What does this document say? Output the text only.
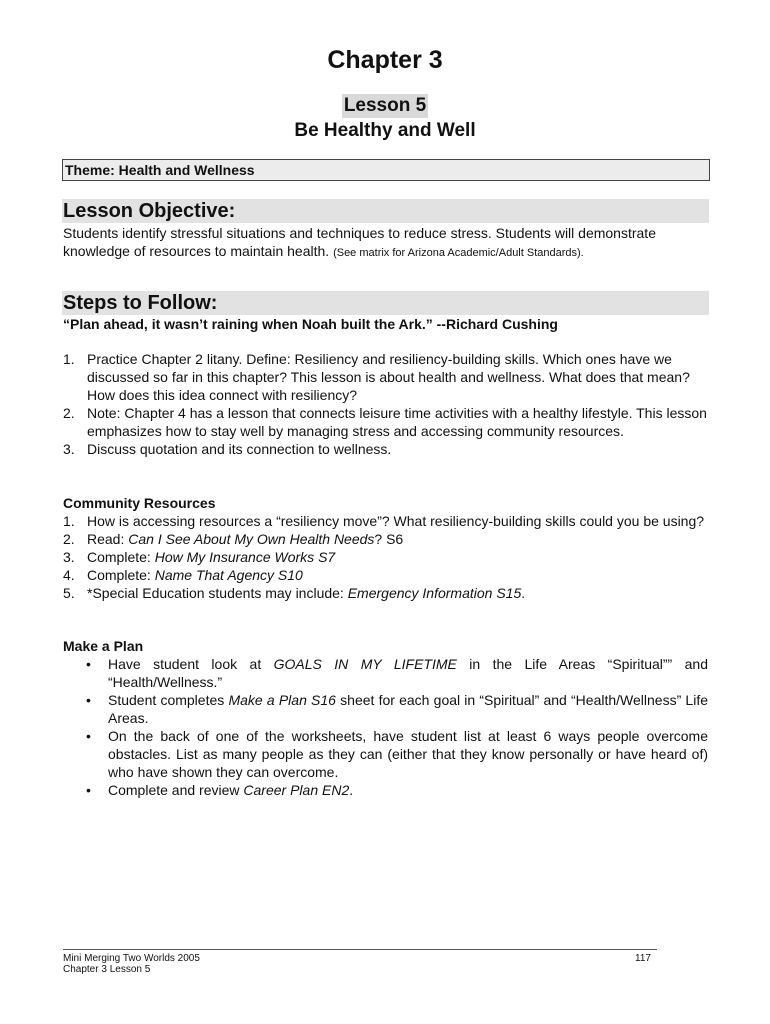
Chapter 3
Lesson 5
Be Healthy and Well
Theme: Health and Wellness
Lesson Objective:
Students identify stressful situations and techniques to reduce stress. Students will demonstrate knowledge of resources to maintain health. (See matrix for Arizona Academic/Adult Standards).
Steps to Follow:
“Plan ahead, it wasn’t raining when Noah built the Ark.” --Richard Cushing
1. Practice Chapter 2 litany. Define: Resiliency and resiliency-building skills. Which ones have we discussed so far in this chapter? This lesson is about health and wellness. What does that mean? How does this idea connect with resiliency?
2. Note: Chapter 4 has a lesson that connects leisure time activities with a healthy lifestyle. This lesson emphasizes how to stay well by managing stress and accessing community resources.
3. Discuss quotation and its connection to wellness.
Community Resources
1. How is accessing resources a “resiliency move”? What resiliency-building skills could you be using?
2. Read: Can I See About My Own Health Needs? S6
3. Complete: How My Insurance Works S7
4. Complete: Name That Agency S10
5. *Special Education students may include: Emergency Information S15.
Make a Plan
• Have student look at GOALS IN MY LIFETIME in the Life Areas “Spiritual”” and “Health/Wellness.”
• Student completes Make a Plan S16 sheet for each goal in “Spiritual” and “Health/Wellness” Life Areas.
• On the back of one of the worksheets, have student list at least 6 ways people overcome obstacles. List as many people as they can (either that they know personally or have heard of) who have shown they can overcome.
• Complete and review Career Plan EN2.
Mini Merging Two Worlds 2005
Chapter 3 Lesson 5
117
